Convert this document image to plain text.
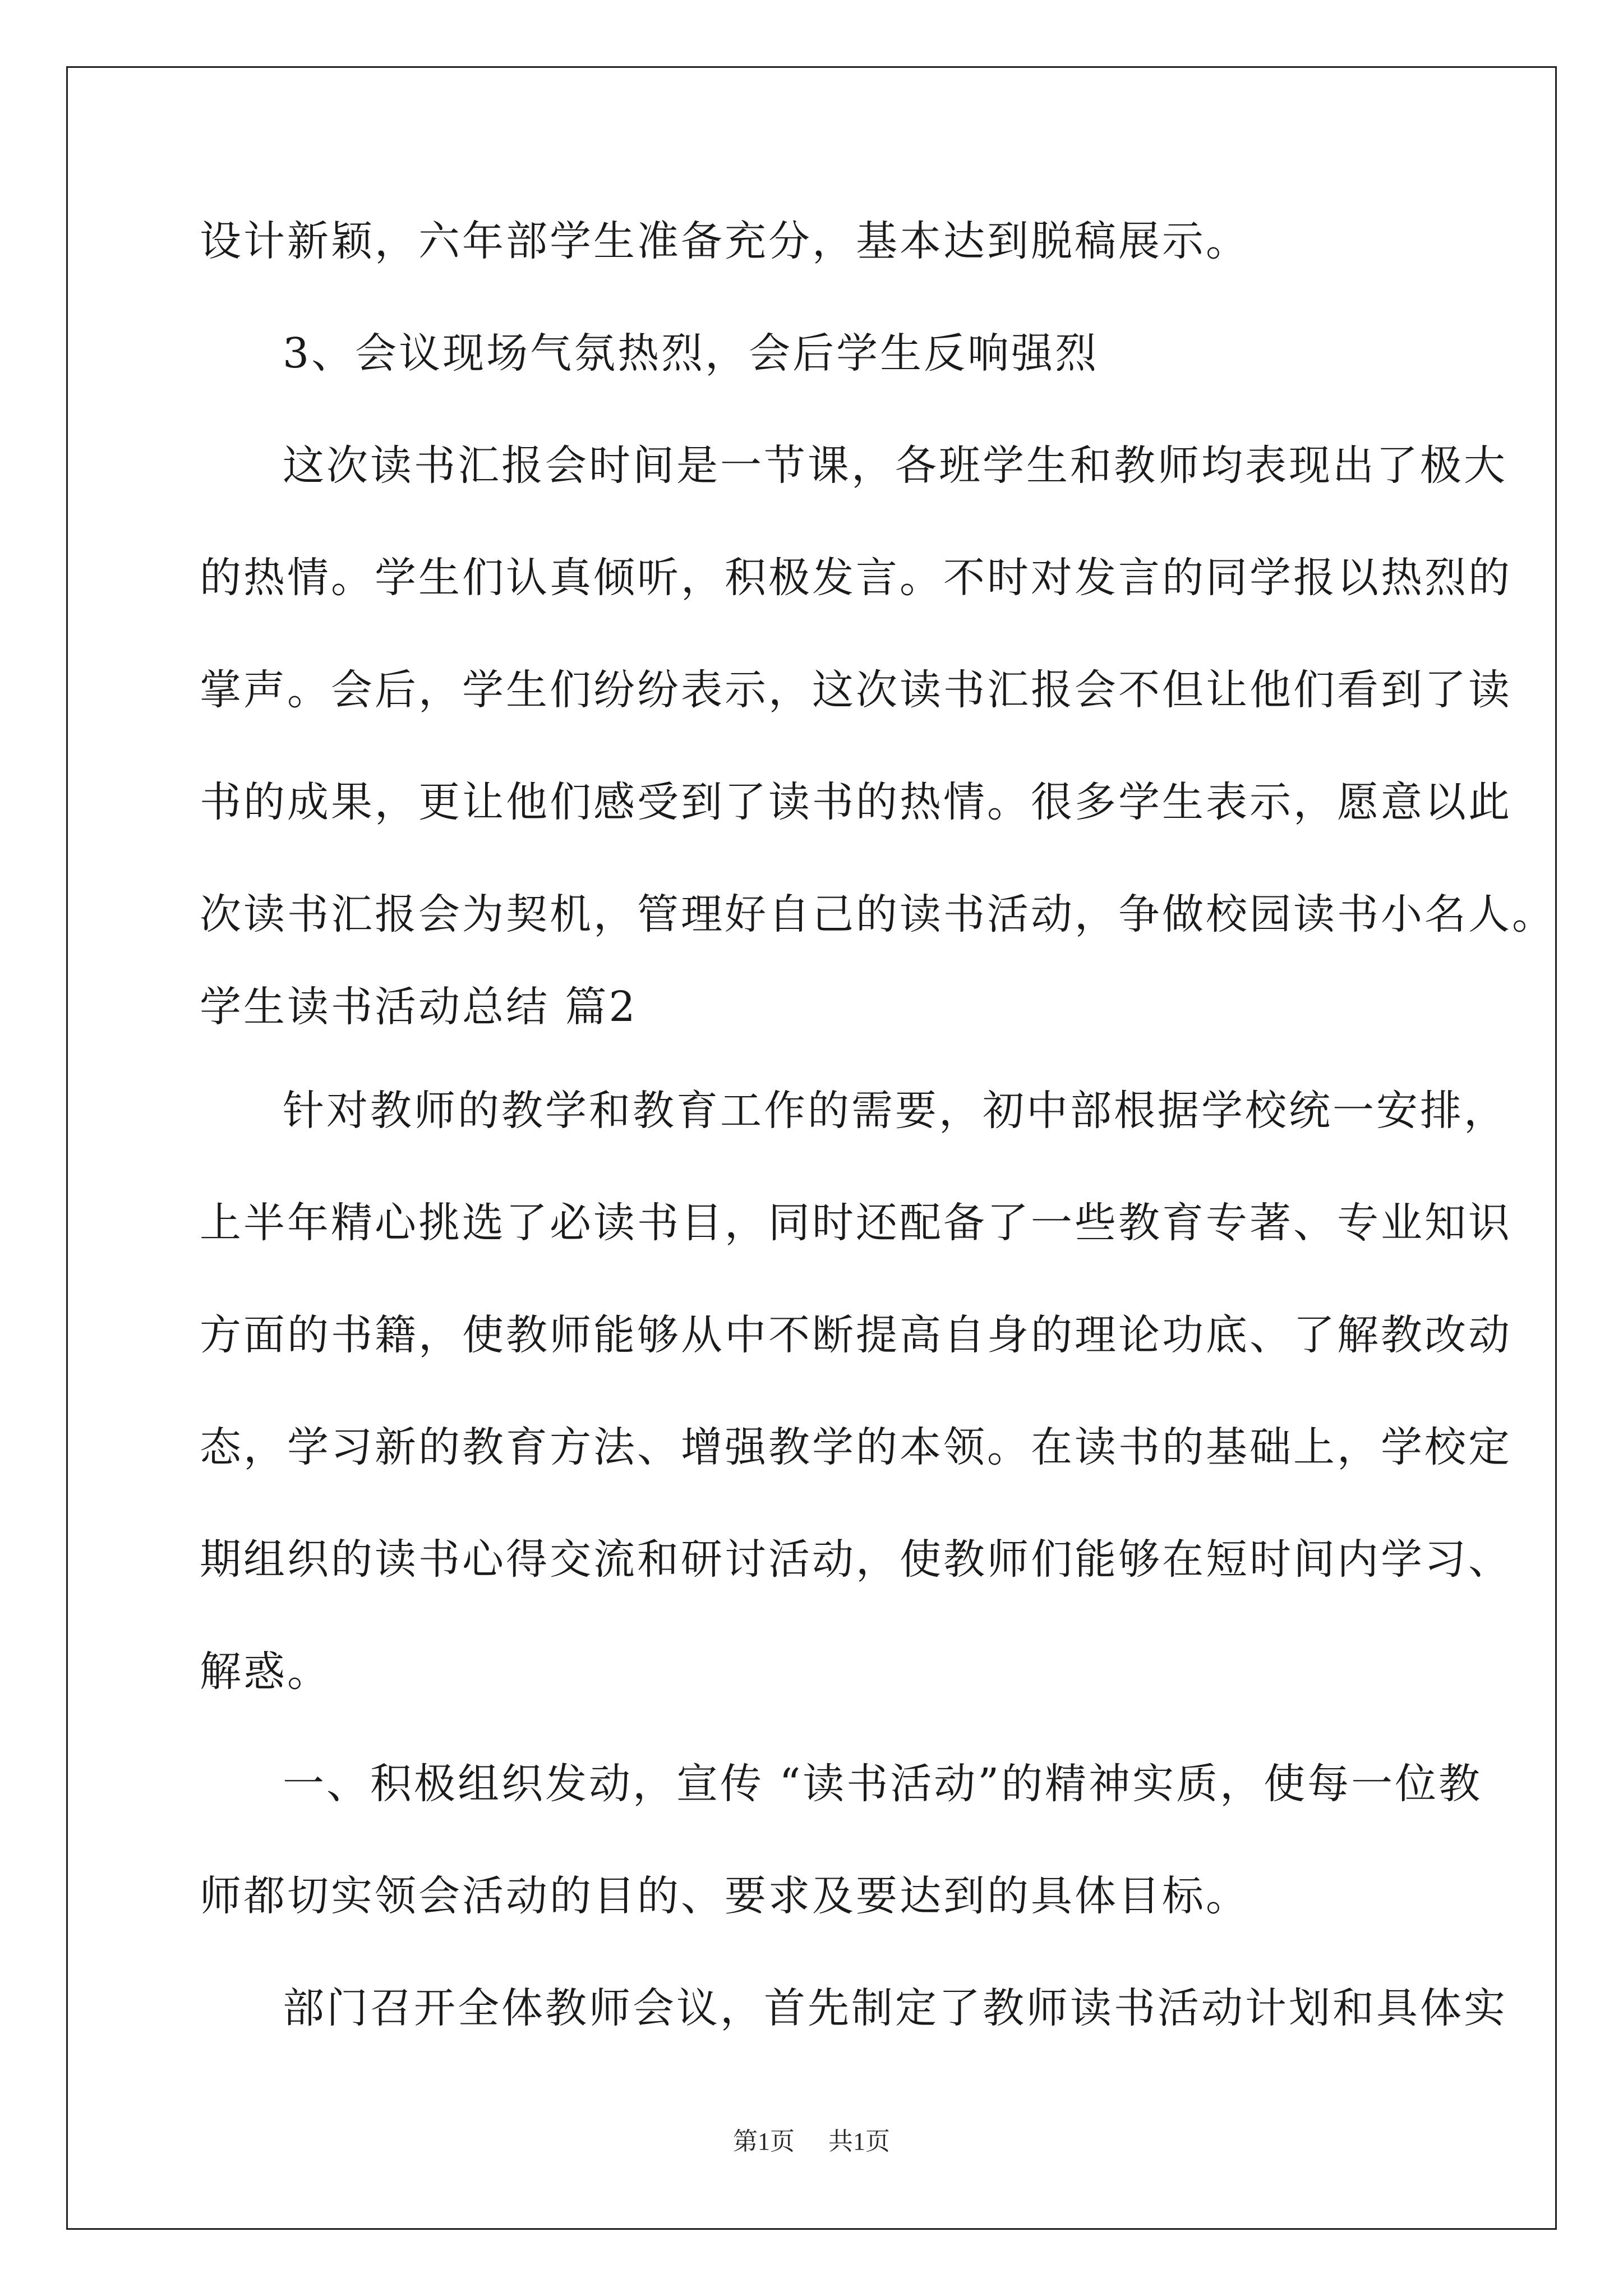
设计新颖，六年部学生准备充分，基本达到脱稿展示。
3、会议现场气氛热烈，会后学生反响强烈
这次读书汇报会时间是一节课，各班学生和教师均表现出了极大
的热情。学生们认真倾听，积极发言。不时对发言的同学报以热烈的
掌声。会后，学生们纷纷表示，这次读书汇报会不但让他们看到了读
书的成果，更让他们感受到了读书的热情。很多学生表示，愿意以此
次读书汇报会为契机，管理好自己的读书活动，争做校园读书小名人。
学生读书活动总结 篇2
针对教师的教学和教育工作的需要，初中部根据学校统一安排，
上半年精心挑选了必读书目，同时还配备了一些教育专著、专业知识
方面的书籍，使教师能够从中不断提高自身的理论功底、了解教改动
态，学习新的教育方法、增强教学的本领。在读书的基础上，学校定
期组织的读书心得交流和研讨活动，使教师们能够在短时间内学习、
解惑。
一、积极组织发动，宣传 “读书活动”的精神实质，使每一位教
师都切实领会活动的目的、要求及要达到的具体目标。
部门召开全体教师会议，首先制定了教师读书活动计划和具体实
第1页 共1页
